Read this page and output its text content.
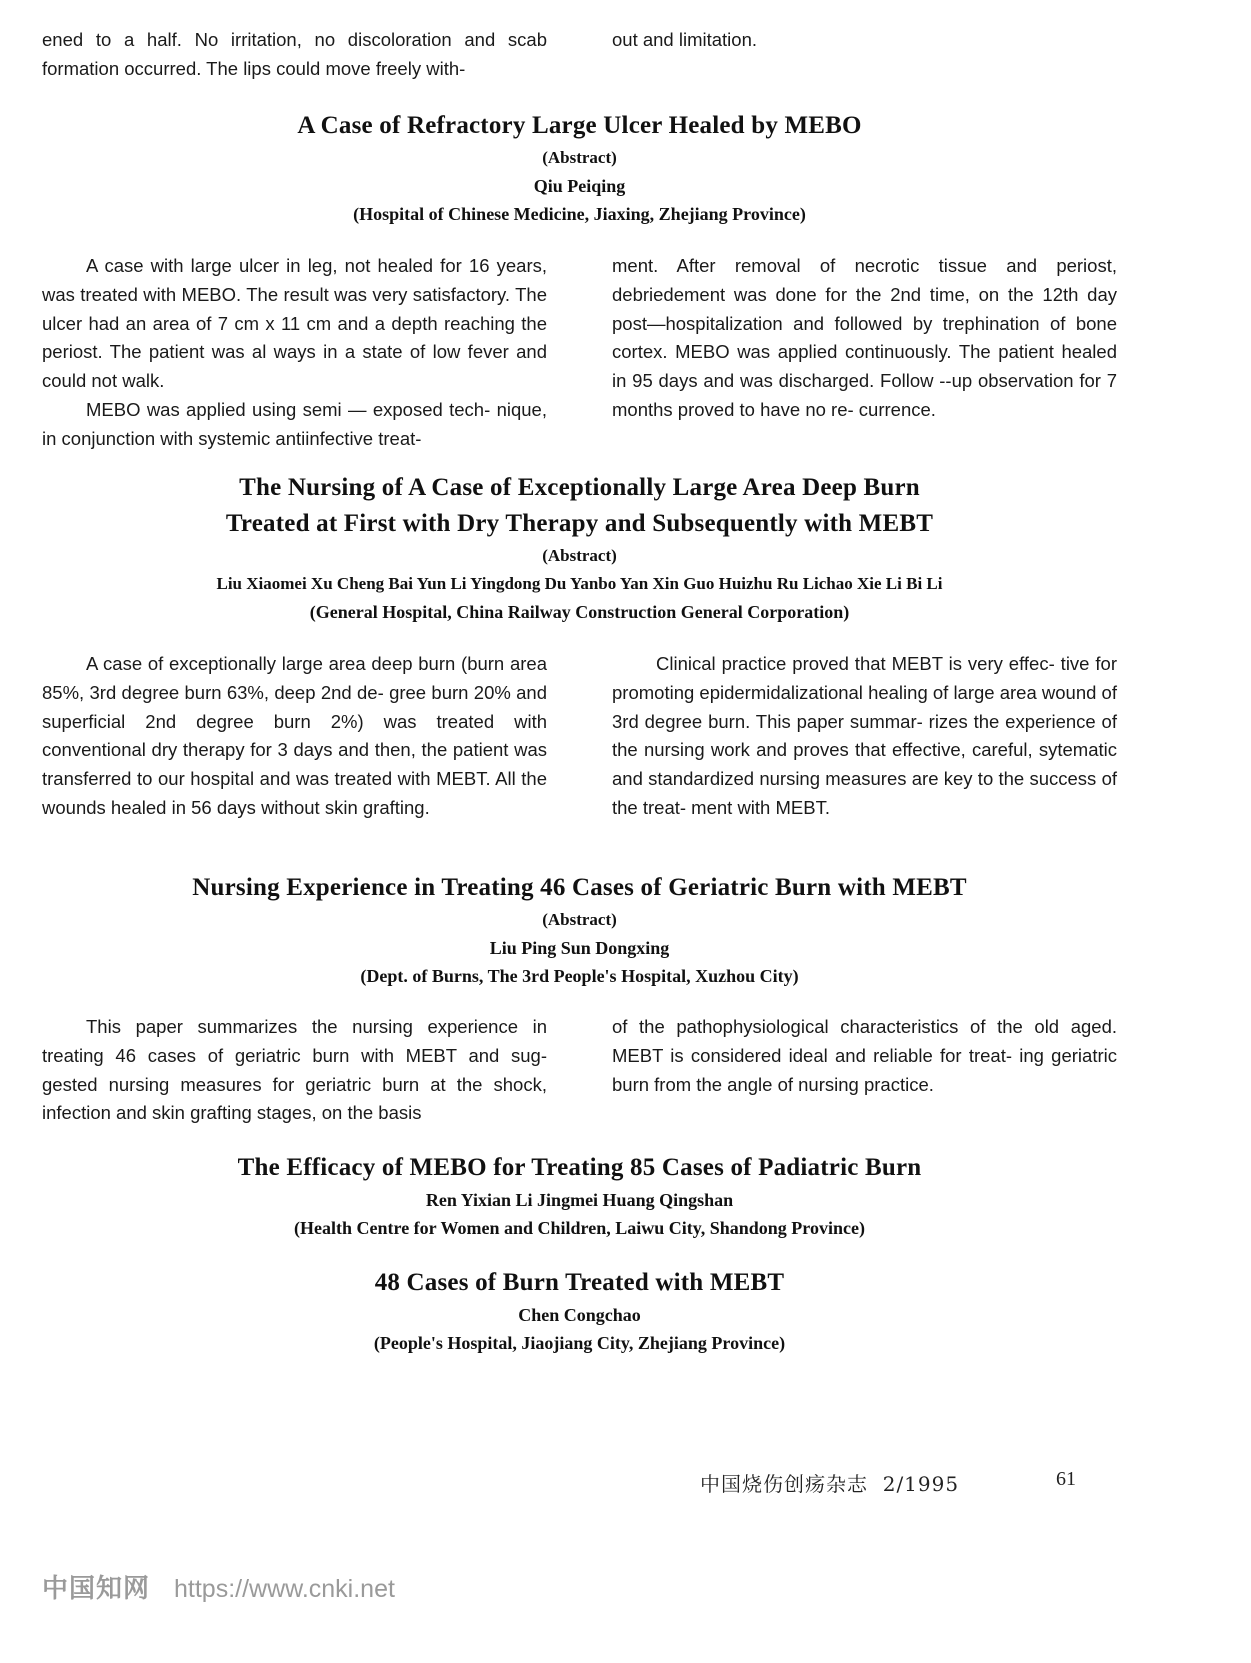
ened to a half. No irritation, no discoloration and scab formation occurred. The lips could move freely with-

out and limitation.

A Case of Refractory Large Ulcer Healed by MEBO
(Abstract)
Qiu Peiqing
(Hospital of Chinese Medicine, Jiaxing, Zhejiang Province)

A case with large ulcer in leg, not healed for 16 years, was treated with MEBO. The result was very satisfactory. The ulcer had an area of 7 cm x 11 cm and a depth reaching the periost. The patient was al ways in a state of low fever and could not walk.

MEBO was applied using semi — exposed tech- nique, in conjunction with systemic antiinfective treat-

ment. After removal of necrotic tissue and periost, debriedement was done for the 2nd time, on the 12th day post—hospitalization and followed by trephination of bone cortex. MEBO was applied continuously. The patient healed in 95 days and was discharged. Follow --up observation for 7 months proved to have no re- currence.

The Nursing of A Case of Exceptionally Large Area Deep Burn
Treated at First with Dry Therapy and Subsequently with MEBT
(Abstract)
Liu Xiaomei Xu Cheng Bai Yun Li Yingdong Du Yanbo Yan Xin Guo Huizhu Ru Lichao Xie Li Bi Li
(General Hospital, China Railway Construction General Corporation)

A case of exceptionally large area deep burn (burn area 85%, 3rd degree burn 63%, deep 2nd de- gree burn 20% and superficial 2nd degree burn 2%) was treated with conventional dry therapy for 3 days and then, the patient was transferred to our hospital and was treated with MEBT. All the wounds healed in 56 days without skin grafting.

Clinical practice proved that MEBT is very effec- tive for promoting epidermidalizational healing of large area wound of 3rd degree burn. This paper summar- rizes the experience of the nursing work and proves that effective, careful, sytematic and standardized nursing measures are key to the success of the treat- ment with MEBT.

Nursing Experience in Treating 46 Cases of Geriatric Burn with MEBT
(Abstract)
Liu Ping Sun Dongxing
(Dept. of Burns, The 3rd People's Hospital, Xuzhou City)

This paper summarizes the nursing experience in treating 46 cases of geriatric burn with MEBT and sug- gested nursing measures for geriatric burn at the shock, infection and skin grafting stages, on the basis

of the pathophysiological characteristics of the old aged. MEBT is considered ideal and reliable for treat- ing geriatric burn from the angle of nursing practice.

The Efficacy of MEBO for Treating 85 Cases of Padiatric Burn
Ren Yixian Li Jingmei Huang Qingshan
(Health Centre for Women and Children, Laiwu City, Shandong Province)
48 Cases of Burn Treated with MEBT
Chen Congchao
(People's Hospital, Jiaojiang City, Zhejiang Province)
中国烧伤创疡杂志  2/1995	61
中国知网 https://www.cnki.net
